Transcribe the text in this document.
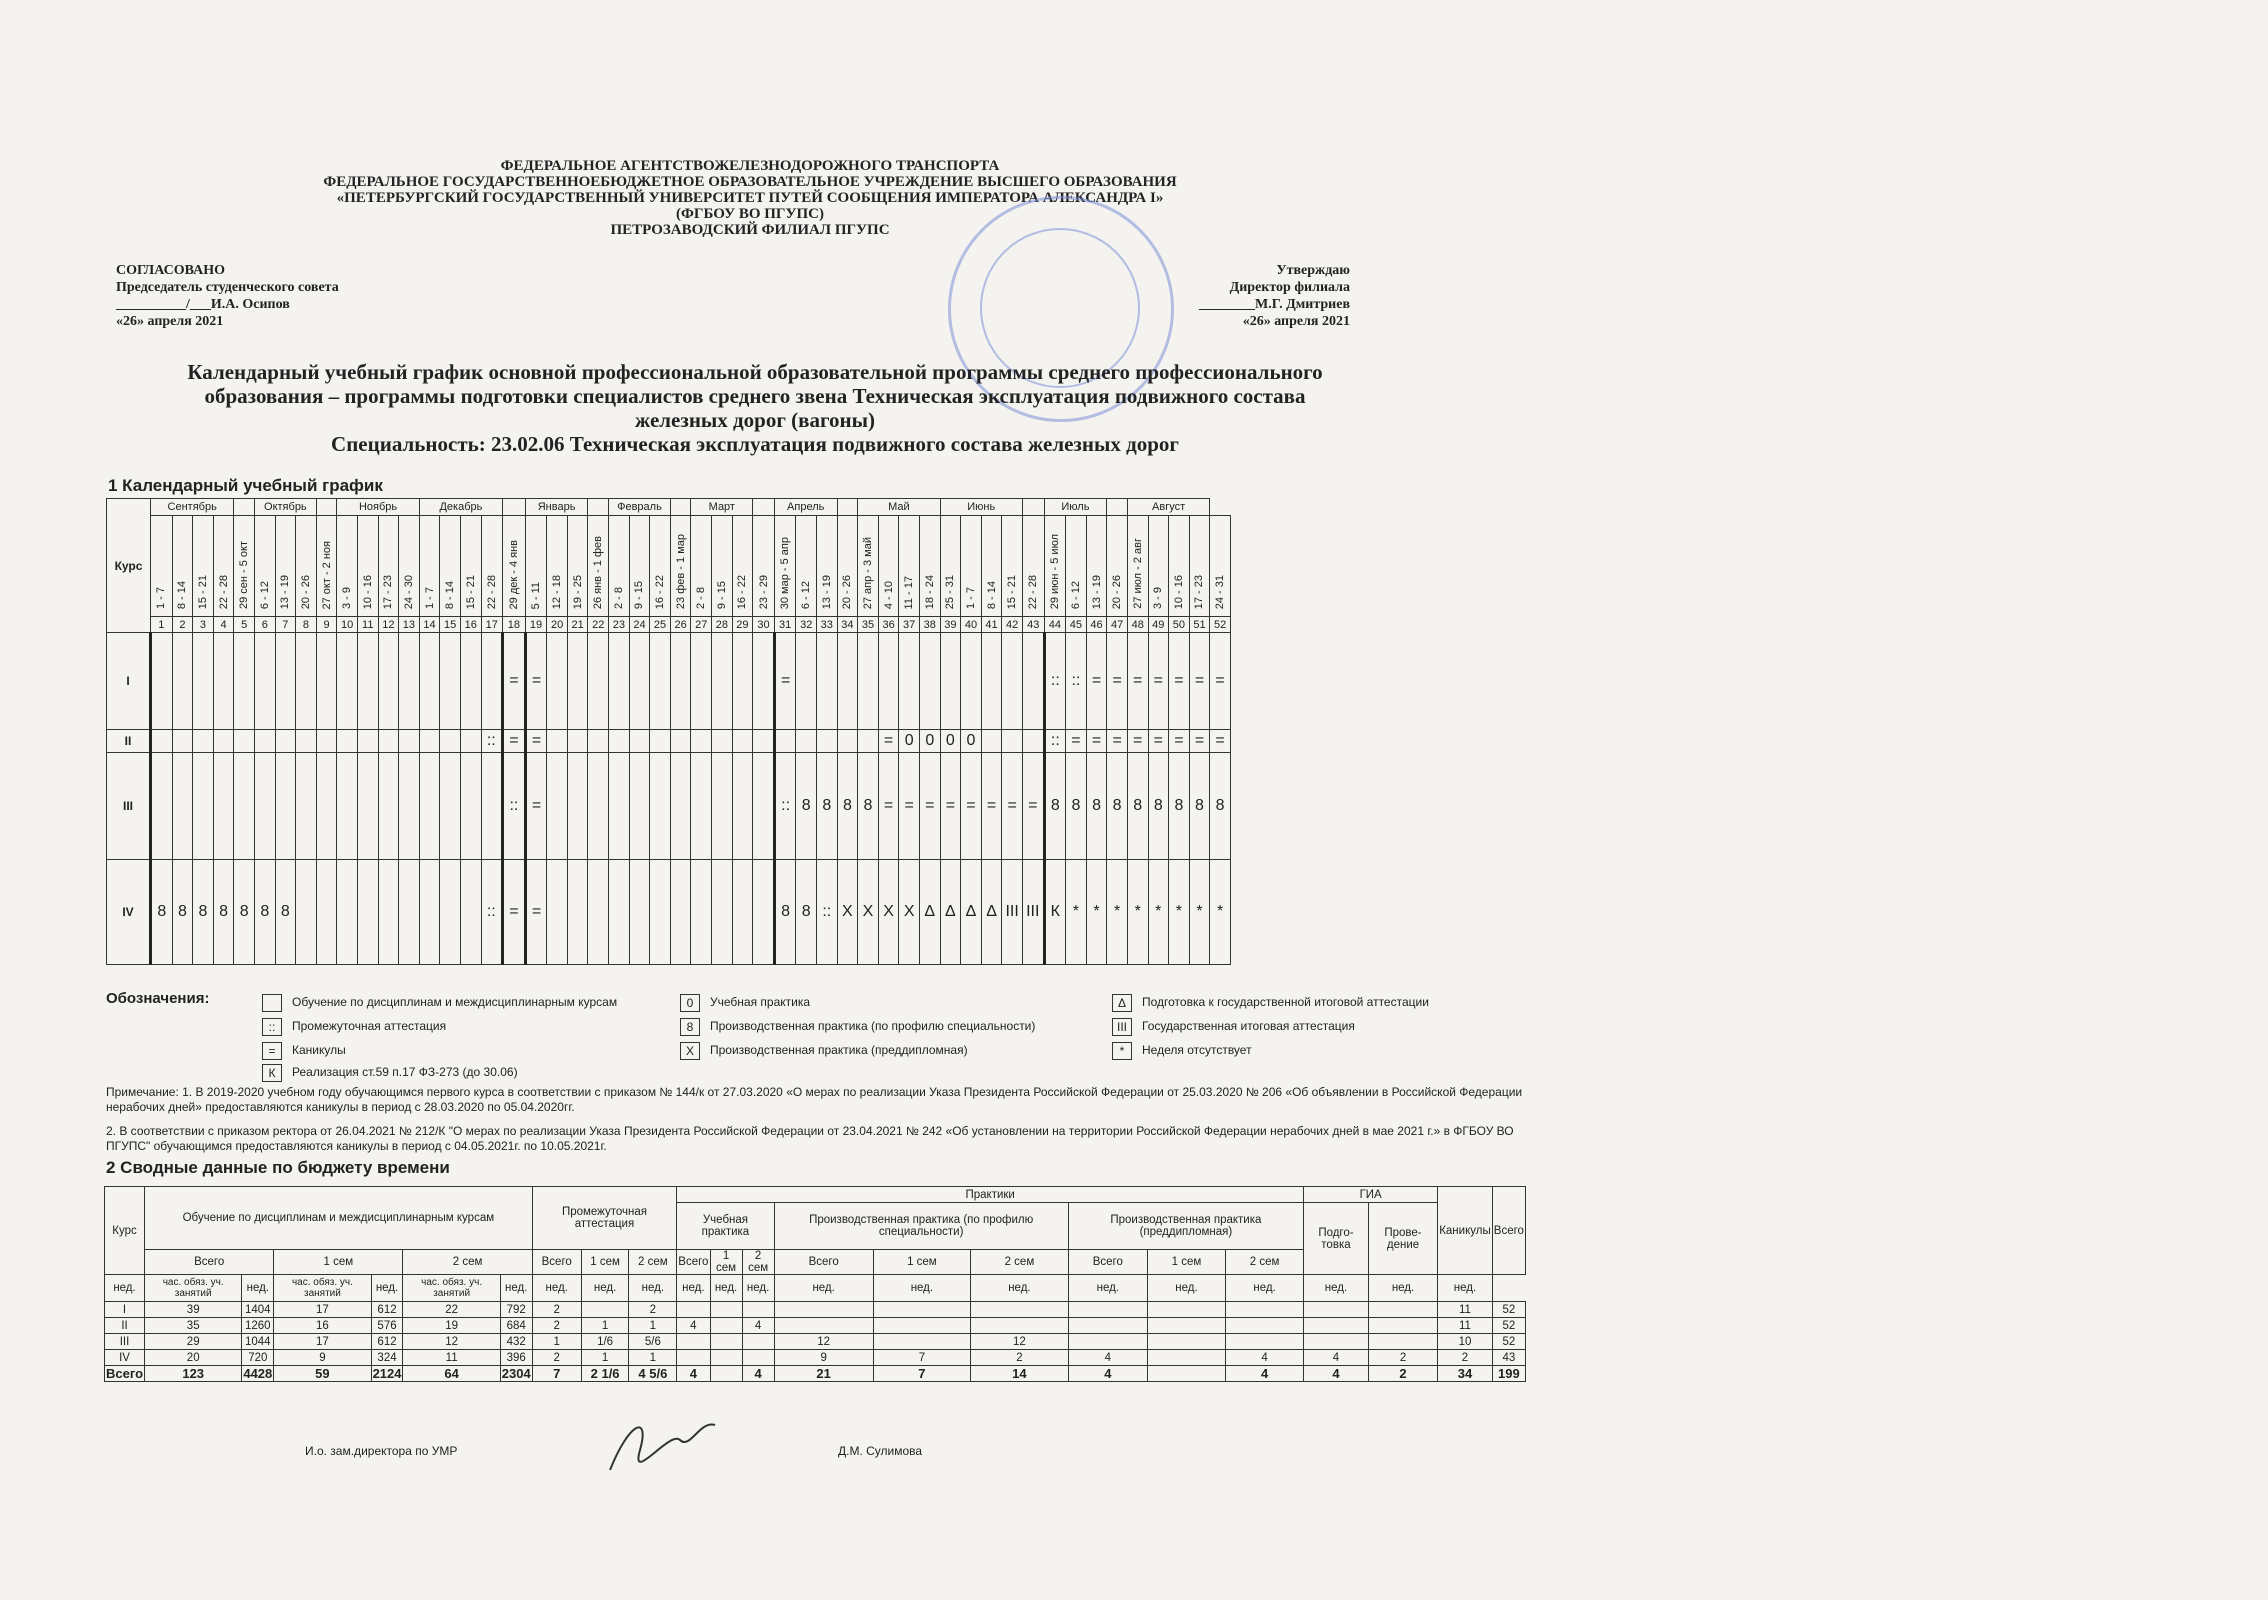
ФЕДЕРАЛЬНОЕ АГЕНТСТВОЖЕЛЕЗНОДОРОЖНОГО ТРАНСПОРТА
ФЕДЕРАЛЬНОЕ ГОСУДАРСТВЕННОЕБЮДЖЕТНОЕ ОБРАЗОВАТЕЛЬНОЕ УЧРЕЖДЕНИЕ ВЫСШЕГО ОБРАЗОВАНИЯ
«ПЕТЕРБУРГСКИЙ ГОСУДАРСТВЕННЫЙ УНИВЕРСИТЕТ ПУТЕЙ СООБЩЕНИЯ ИМПЕРАТОРА АЛЕКСАНДРА I»
(ФГБОУ ВО ПГУПС)
ПЕТРОЗАВОДСКИЙ ФИЛИАЛ ПГУПС
СОГЛАСОВАНО
Председатель студенческого совета
__________/___И.А. Осипов
«26» апреля 2021
Утверждаю
Директор филиала
________М.Г. Дмитриев
«26» апреля 2021
Календарный учебный график основной профессиональной образовательной программы среднего профессионального
образования – программы подготовки специалистов среднего звена Техническая эксплуатация подвижного состава
железных дорог (вагоны)
Специальность: 23.02.06 Техническая эксплуатация подвижного состава железных дорог
1 Календарный учебный график
Курс	Сентябрь					Октябрь				Ноябрь				Декабрь					Январь				Февраль				Март				Апрель				Май				Июнь					Июль				Август				
	1 - 7	8 - 14	15 - 21	22 - 28	29 сен - 5 окт	6 - 12	13 - 19	20 - 26	27 окт - 2 ноя	3 - 9	10 - 16	17 - 23	24 - 30	1 - 7	8 - 14	15 - 21	22 - 28	29 дек - 4 янв	5 - 11	12 - 18	19 - 25	26 янв - 1 фев	2 - 8	9 - 15	16 - 22	23 фев - 1 мар	2 - 8	9 - 15	16 - 22	23 - 29	30 мар - 5 апр	6 - 12	13 - 19	20 - 26	27 апр - 3 май	4 - 10	11 - 17	18 - 24	25 - 31	1 - 7	8 - 14	15 - 21	22 - 28	29 июн - 5 июл	6 - 12	13 - 19	20 - 26	27 июл - 2 авг	3 - 9	10 - 16	17 - 23	24 - 31
	1	2	3	4	5	6	7	8	9	10	11	12	13	14	15	16	17	18	19	20	21	22	23	24	25	26	27	28	29	30	31	32	33	34	35	36	37	38	39	40	41	42	43	44	45	46	47	48	49	50	51	52
I																		=	=												=													::	::	=	=	=	=	=	=	=
II																	::	=	=																	=	0	0	0	0				::	=	=	=	=	=	=	=	=
III																		::	=												::	8	8	8	8	=	=	=	=	=	=	=	=	8	8	8	8	8	8	8	8	8
IV	8	8	8	8	8	8	8										::	=	=												8	8	::	Х	Х	Х	Х	Δ	Δ	Δ	Δ	III	III	К	*	*	*	*	*	*	*	*
Обозначения:	Обучение по дисциплинам и междисциплинарным курсам
::	Промежуточная аттестация
=	Каникулы
К	Реализация ст.59 п.17 ФЗ-273 (до 30.06)
0	Учебная практика
8	Производственная практика (по профилю специальности)
Х	Производственная практика (преддипломная)
Δ	Подготовка к государственной итоговой аттестации
III	Государственная итоговая аттестация
*	Неделя отсутствует
Примечание: 1. В 2019-2020 учебном году обучающимся первого курса в соответствии с приказом № 144/к от 27.03.2020 «О мерах по реализации Указа Президента Российской Федерации от 25.03.2020 № 206 «Об объявлении в Российской Федерации нерабочих дней» предоставляются каникулы в период с 28.03.2020 по 05.04.2020гг.
2. В соответствии с приказом ректора от 26.04.2021 № 212/К "О мерах по реализации Указа Президента Российской Федерации от 23.04.2021 № 242 «Об установлении на территории Российской Федерации нерабочих дней в мае 2021 г.» в ФГБОУ ВО ПГУПС" обучающимся предоставляются каникулы в период с 04.05.2021г. по 10.05.2021г.
2 Сводные данные по бюджету времени
Курс	Обучение по дисциплинам и междисциплинарным курсам						Промежуточная аттестация			Практики									ГИА		Каникулы	Всего
										Учебная практика			Производственная практика (по профилю специальности)			Производственная практика (преддипломная)			Подго-товка	Прове-дение		
	Всего		1 сем		2 сем		Всего	1 сем	2 сем	Всего	1 сем	2 сем	Всего	1 сем	2 сем	Всего	1 сем	2 сем				
нед.	час. обяз. уч. занятий	нед.	час. обяз. уч. занятий	нед.	час. обяз. уч. занятий	нед.	нед.	нед.	нед.	нед.	нед.	нед.	нед.	нед.	нед.	нед.	нед.	нед.	нед.	нед.	нед.	
I	39	1404	17	612	22	792	2		2												11	52
II	35	1260	16	576	19	684	2	1	1	4		4									11	52
III	29	1044	17	612	12	432	1	1/6	5/6				12		12						10	52
IV	20	720	9	324	11	396	2	1	1				9	7	2	4		4	4	2	2	43
Всего	123	4428	59	2124	64	2304	7	2 1/6	4 5/6	4		4	21	7	14	4		4	4	2	34	199
И.о. зам.директора по УМР	Д.М. Сулимова
